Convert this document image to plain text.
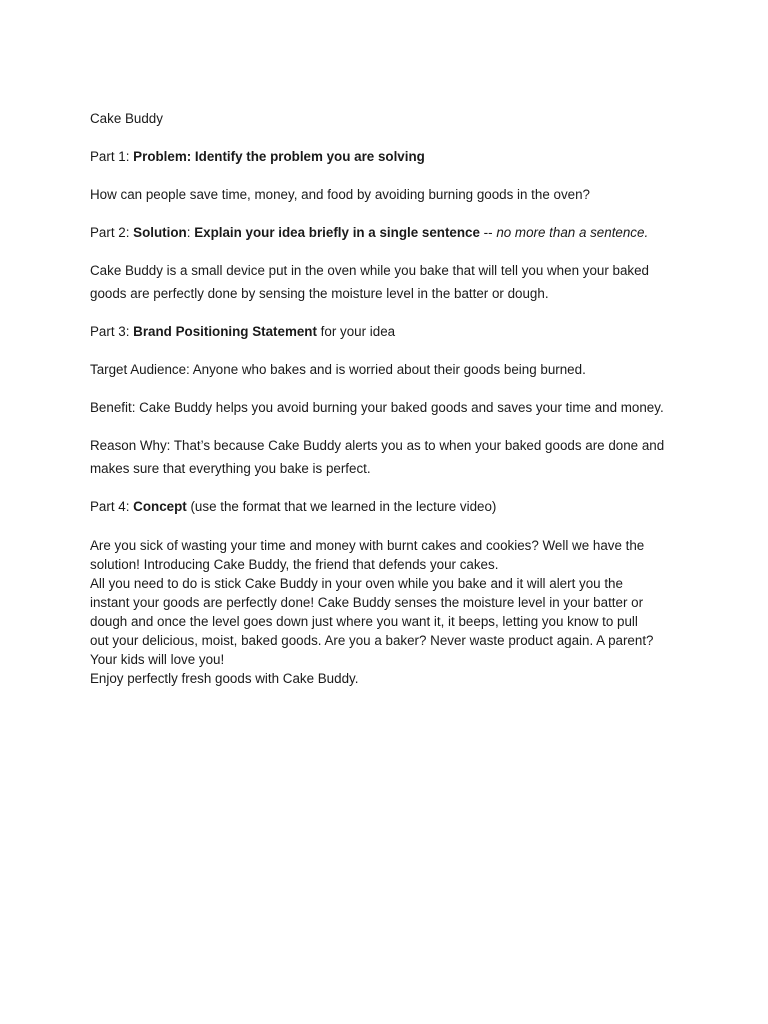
Cake Buddy

Part 1: Problem: Identify the problem you are solving

How can people save time, money, and food by avoiding burning goods in the oven?

Part 2: Solution: Explain your idea briefly in a single sentence -- no more than a sentence.

Cake Buddy is a small device put in the oven while you bake that will tell you when your baked

goods are perfectly done by sensing the moisture level in the batter or dough.

Part 3: Brand Positioning Statement for your idea

Target Audience: Anyone who bakes and is worried about their goods being burned.

Benefit: Cake Buddy helps you avoid burning your baked goods and saves your time and money.

Reason Why: That’s because Cake Buddy alerts you as to when your baked goods are done and

makes sure that everything you bake is perfect.

Part 4: Concept (use the format that we learned in the lecture video)

Are you sick of wasting your time and money with burnt cakes and cookies? Well we have the
solution! Introducing Cake Buddy, the friend that defends your cakes.
All you need to do is stick Cake Buddy in your oven while you bake and it will alert you the
instant your goods are perfectly done! Cake Buddy senses the moisture level in your batter or
dough and once the level goes down just where you want it, it beeps, letting you know to pull
out your delicious, moist, baked goods. Are you a baker? Never waste product again. A parent?
Your kids will love you!
Enjoy perfectly fresh goods with Cake Buddy.
